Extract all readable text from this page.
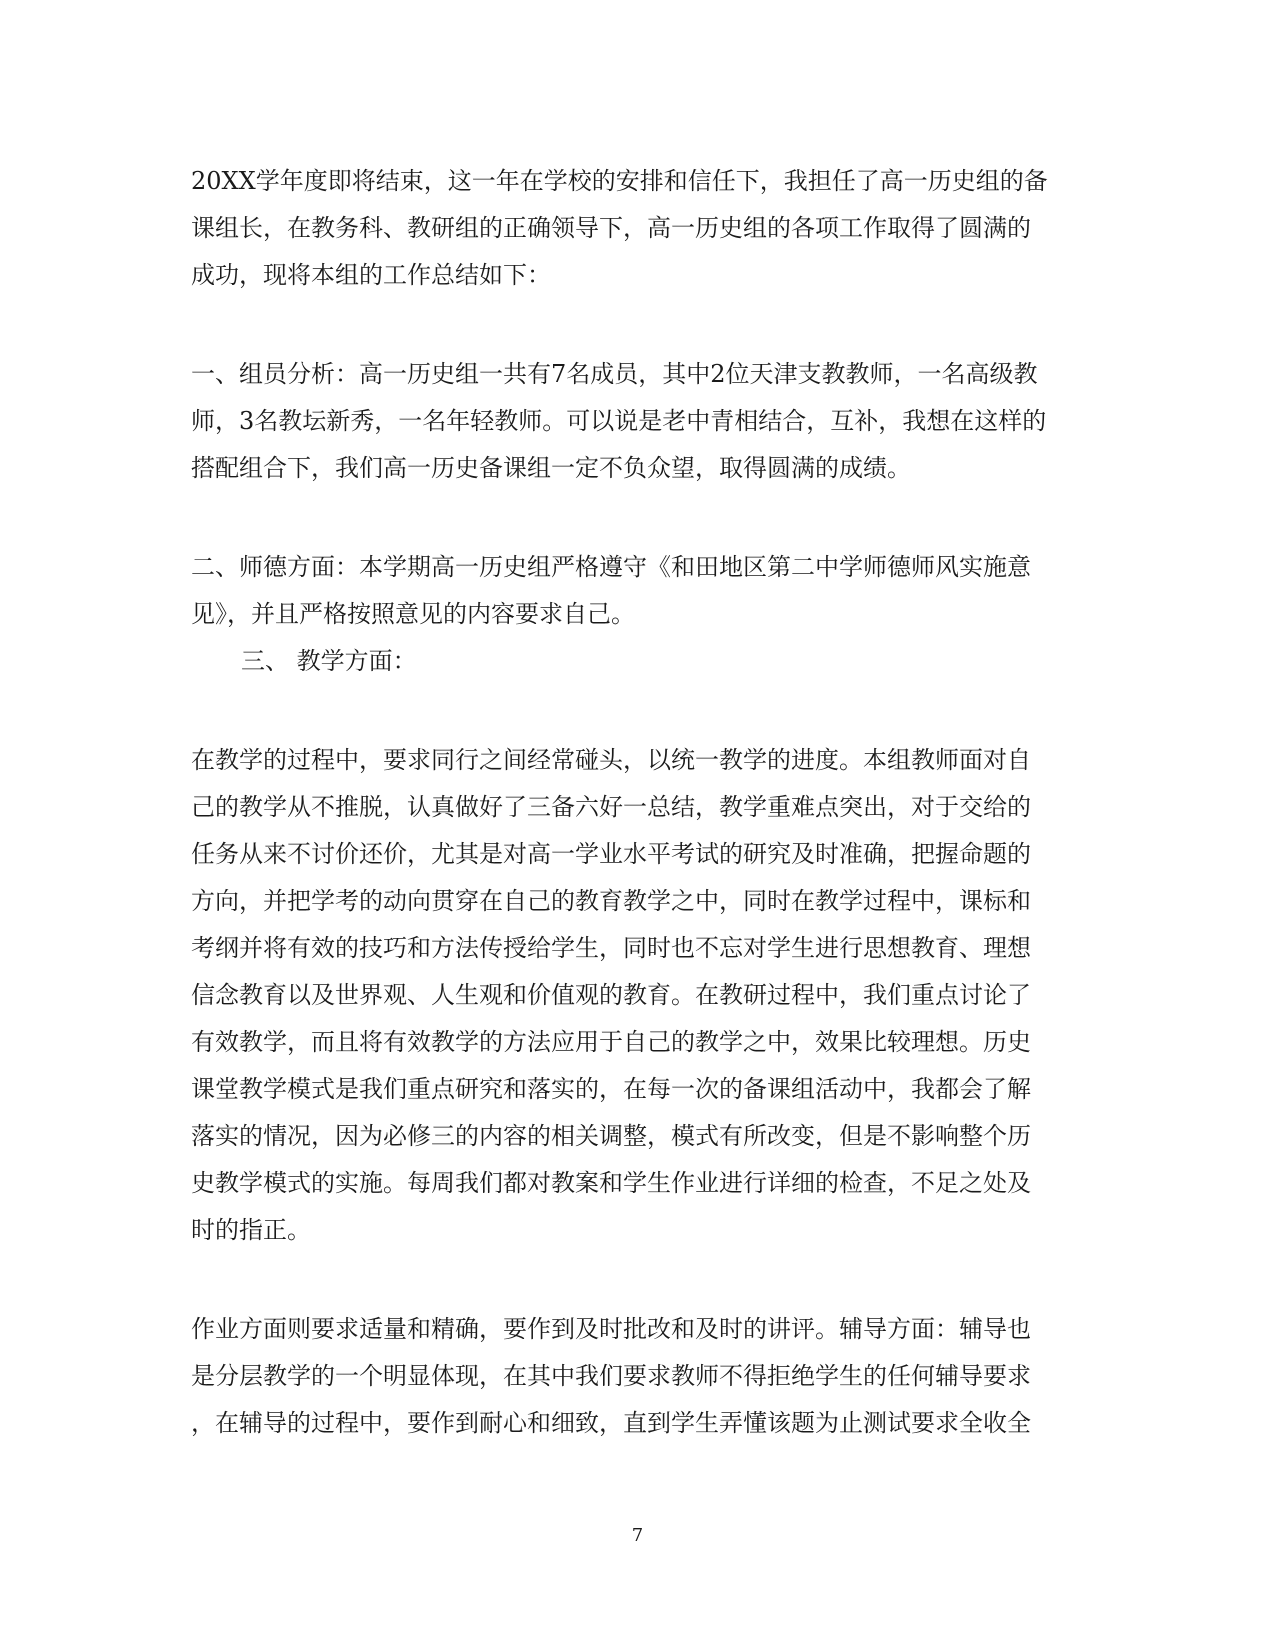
20XX学年度即将结束，这一年在学校的安排和信任下，我担任了高一历史组的备
课组长，在教务科、教研组的正确领导下，高一历史组的各项工作取得了圆满的
成功，现将本组的工作总结如下：
一、组员分析：高一历史组一共有7名成员，其中2位天津支教教师，一名高级教
师，3名教坛新秀，一名年轻教师。可以说是老中青相结合，互补，我想在这样的
搭配组合下，我们高一历史备课组一定不负众望，取得圆满的成绩。
二、师德方面：本学期高一历史组严格遵守《和田地区第二中学师德师风实施意
见》，并且严格按照意见的内容要求自己。
三、 教学方面：
在教学的过程中，要求同行之间经常碰头，以统一教学的进度。本组教师面对自
己的教学从不推脱，认真做好了三备六好一总结，教学重难点突出，对于交给的
任务从来不讨价还价，尤其是对高一学业水平考试的研究及时准确，把握命题的
方向，并把学考的动向贯穿在自己的教育教学之中，同时在教学过程中，课标和
考纲并将有效的技巧和方法传授给学生，同时也不忘对学生进行思想教育、理想
信念教育以及世界观、人生观和价值观的教育。在教研过程中，我们重点讨论了
有效教学，而且将有效教学的方法应用于自己的教学之中，效果比较理想。历史
课堂教学模式是我们重点研究和落实的，在每一次的备课组活动中，我都会了解
落实的情况，因为必修三的内容的相关调整，模式有所改变，但是不影响整个历
史教学模式的实施。每周我们都对教案和学生作业进行详细的检查，不足之处及
时的指正。
作业方面则要求适量和精确，要作到及时批改和及时的讲评。辅导方面：辅导也
是分层教学的一个明显体现，在其中我们要求教师不得拒绝学生的任何辅导要求
，在辅导的过程中，要作到耐心和细致，直到学生弄懂该题为止测试要求全收全
7
